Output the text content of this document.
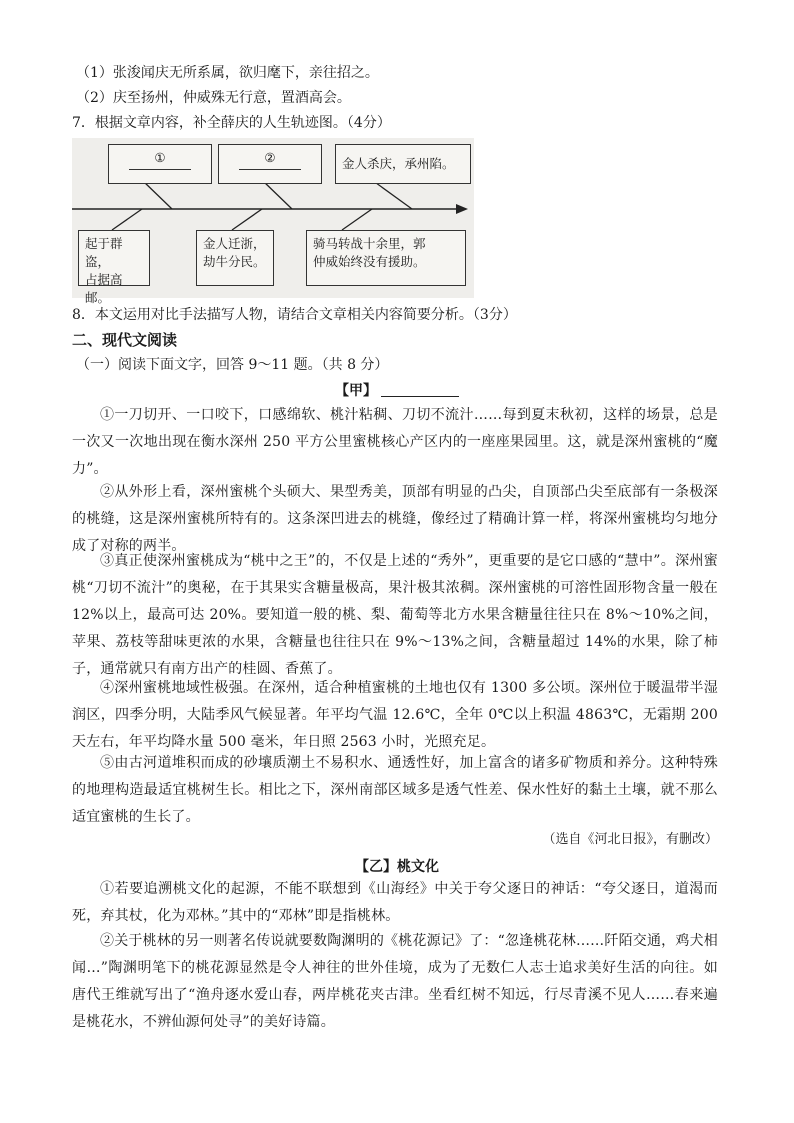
（1）张浚闻庆无所系属，欲归麾下，亲往招之。
（2）庆至扬州，仲威殊无行意，置酒高会。
7．根据文章内容，补全薛庆的人生轨迹图。（4分）
①	②	金人杀庆，承州陷。
起于群盗，
占据高邮。
金人迁浙，
劫牛分民。
骑马转战十余里，郭
仲威始终没有援助。
8．本文运用对比手法描写人物，请结合文章相关内容简要分析。（3分）
二、现代文阅读
（一）阅读下面文字，回答 9～11 题。（共 8 分）
【甲】
①一刀切开、一口咬下，口感绵软、桃汁粘稠、刀切不流汁……每到夏末秋初，这样的场景，总是一次又一次地出现在衡水深州 250 平方公里蜜桃核心产区内的一座座果园里。这，就是深州蜜桃的“魔力”。
②从外形上看，深州蜜桃个头硕大、果型秀美，顶部有明显的凸尖，自顶部凸尖至底部有一条极深的桃缝，这是深州蜜桃所特有的。这条深凹进去的桃缝，像经过了精确计算一样，将深州蜜桃均匀地分成了对称的两半。
③真正使深州蜜桃成为“桃中之王”的，不仅是上述的“秀外”，更重要的是它口感的“慧中”。深州蜜桃“刀切不流汁”的奥秘，在于其果实含糖量极高，果汁极其浓稠。深州蜜桃的可溶性固形物含量一般在 12%以上，最高可达 20%。要知道一般的桃、梨、葡萄等北方水果含糖量往往只在 8%～10%之间，苹果、荔枝等甜味更浓的水果，含糖量也往往只在 9%～13%之间，含糖量超过 14%的水果，除了柿子，通常就只有南方出产的桂圆、香蕉了。
④深州蜜桃地域性极强。在深州，适合种植蜜桃的土地也仅有 1300 多公顷。深州位于暖温带半湿润区，四季分明，大陆季风气候显著。年平均气温 12.6℃，全年 0℃以上积温 4863℃，无霜期 200 天左右，年平均降水量 500 毫米，年日照 2563 小时，光照充足。
⑤由古河道堆积而成的砂壤质潮土不易积水、通透性好，加上富含的诸多矿物质和养分。这种特殊的地理构造最适宜桃树生长。相比之下，深州南部区域多是透气性差、保水性好的黏土土壤，就不那么适宜蜜桃的生长了。
（选自《河北日报》，有删改）
【乙】桃文化
①若要追溯桃文化的起源，不能不联想到《山海经》中关于夸父逐日的神话：“夸父逐日，道渴而死，弃其杖，化为邓林。”其中的“邓林”即是指桃林。
②关于桃林的另一则著名传说就要数陶渊明的《桃花源记》了：“忽逢桃花林……阡陌交通，鸡犬相闻…”陶渊明笔下的桃花源显然是令人神往的世外佳境，成为了无数仁人志士追求美好生活的向往。如唐代王维就写出了“渔舟逐水爱山春，两岸桃花夹古津。坐看红树不知远，行尽青溪不见人……春来遍是桃花水，不辨仙源何处寻”的美好诗篇。
